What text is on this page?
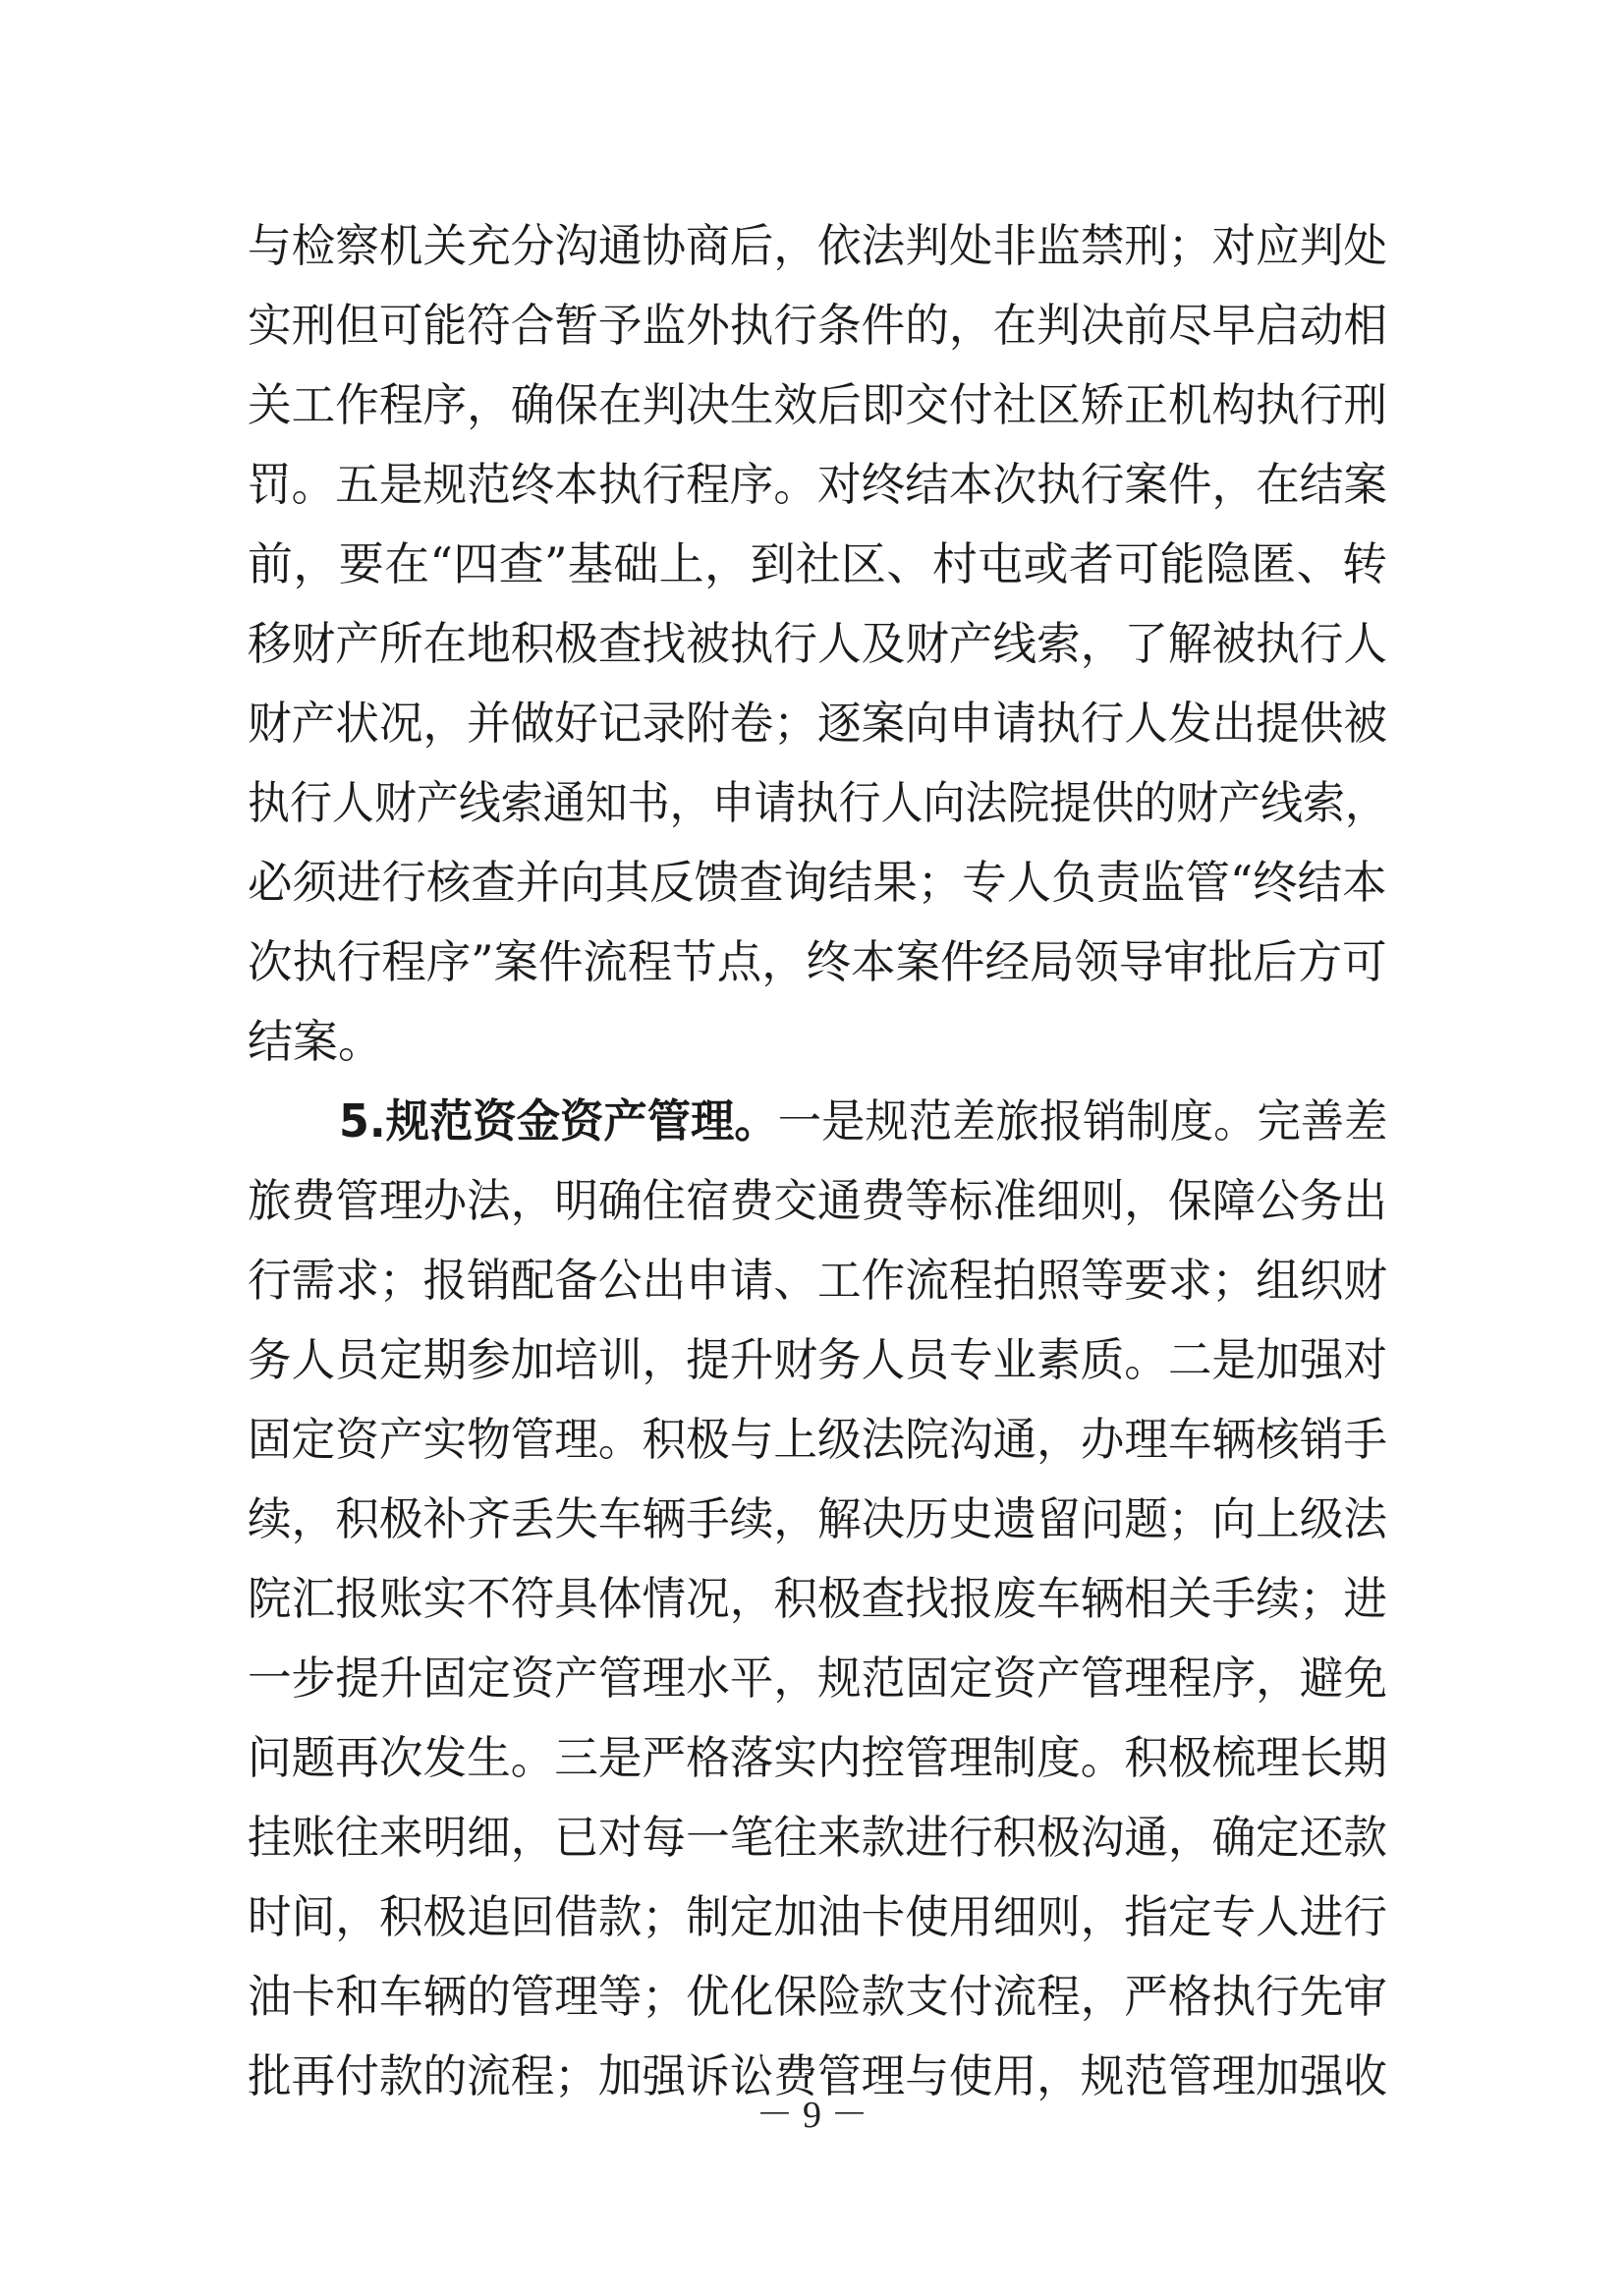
与检察机关充分沟通协商后，依法判处非监禁刑；对应判处
实刑但可能符合暂予监外执行条件的，在判决前尽早启动相
关工作程序，确保在判决生效后即交付社区矫正机构执行刑
罚。五是规范终本执行程序。对终结本次执行案件，在结案
前，要在“四查”基础上，到社区、村屯或者可能隐匿、转
移财产所在地积极查找被执行人及财产线索，了解被执行人
财产状况，并做好记录附卷；逐案向申请执行人发出提供被
执行人财产线索通知书，申请执行人向法院提供的财产线索，
必须进行核查并向其反馈查询结果；专人负责监管“终结本
次执行程序”案件流程节点，终本案件经局领导审批后方可
结案。
5.规范资金资产管理。一是规范差旅报销制度。完善差
旅费管理办法，明确住宿费交通费等标准细则，保障公务出
行需求；报销配备公出申请、工作流程拍照等要求；组织财
务人员定期参加培训，提升财务人员专业素质。二是加强对
固定资产实物管理。积极与上级法院沟通，办理车辆核销手
续，积极补齐丢失车辆手续，解决历史遗留问题；向上级法
院汇报账实不符具体情况，积极查找报废车辆相关手续；进
一步提升固定资产管理水平，规范固定资产管理程序，避免
问题再次发生。三是严格落实内控管理制度。积极梳理长期
挂账往来明细，已对每一笔往来款进行积极沟通，确定还款
时间，积极追回借款；制定加油卡使用细则，指定专人进行
油卡和车辆的管理等；优化保险款支付流程，严格执行先审
批再付款的流程；加强诉讼费管理与使用，规范管理加强收
－ 9 －
